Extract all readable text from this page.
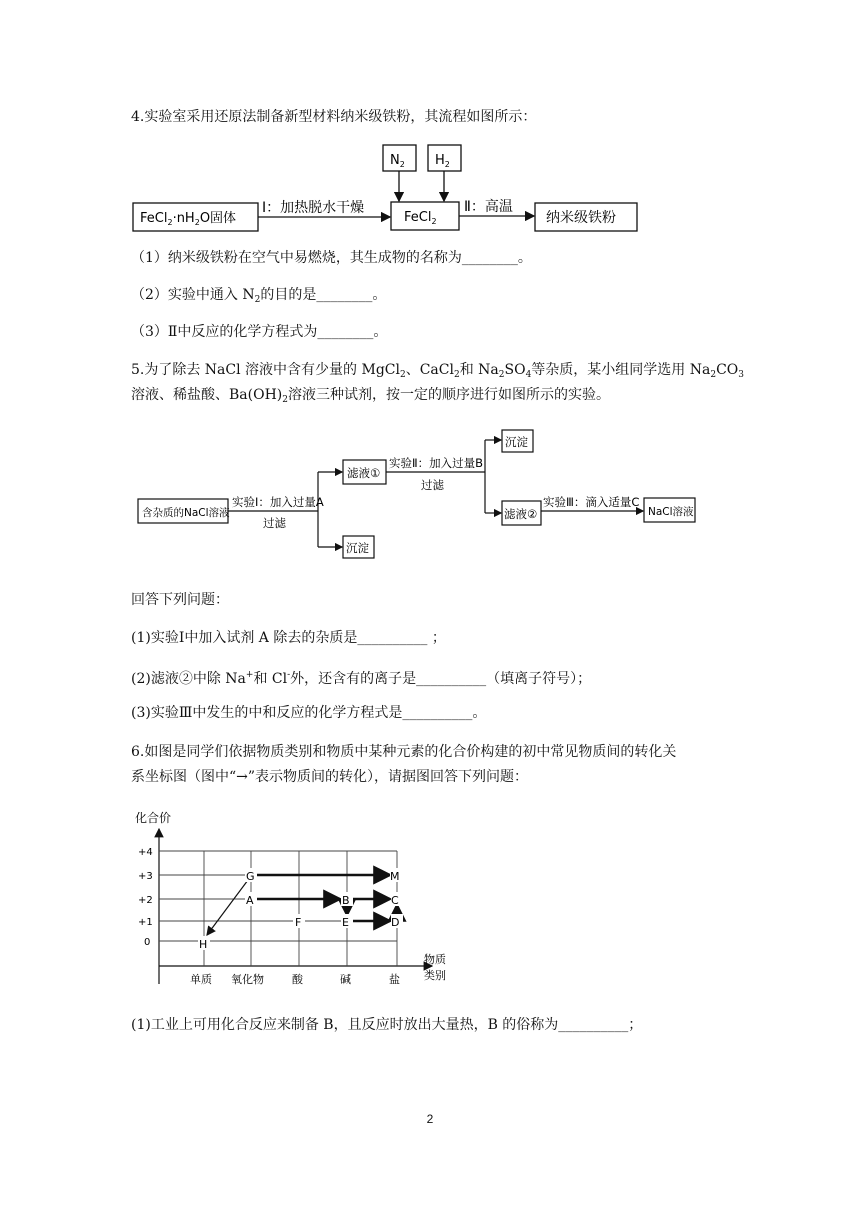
4.实验室采用还原法制备新型材料纳米级铁粉，其流程如图所示：
$FeCl_2\cdot nH_2O$固体
Ⅰ：加热脱水干燥
$N_2$ $H_2$
FeCl$_2$
Ⅱ：高温
纳米级铁粉
（1）纳米级铁粉在空气中易燃烧，其生成物的名称为________。
（2）实验中通入 $N_2$的目的是________。
（3）Ⅱ中反应的化学方程式为________。
5.为了除去 NaCl 溶液中含有少量的 MgCl$_2$、CaCl$_2$和 $Na_2SO_4$等杂质，某小组同学选用 $Na_2CO_3$
溶液、稀盐酸、$Ba(OH)_2$溶液三种试剂，按一定的顺序进行如图所示的实验。
含杂质的NaCl溶液
实验Ⅰ：加入过量A
过滤
滤液①
沉淀
实验Ⅱ：加入过量B
过滤
沉淀
滤液②
实验Ⅲ：滴入适量C
NaCl溶液
回答下列问题：
(1)实验Ⅰ中加入试剂 A 除去的杂质是__________ ；
(2)滤液②中除 Na+和 Cl-外，还含有的离子是__________（填离子符号）；
(3)实验Ⅲ中发生的中和反应的化学方程式是__________。
6.如图是同学们依据物质类别和物质中某种元素的化合价构建的初中常见物质间的转化关
系坐标图（图中“→”表示物质间的转化），请据图回答下列问题：
化合价
+4
+3
+2
+1
0
单质 氧化物	酸	碱	盐
物质
类别
G
A
H
F
B
E
M
C
D
(1)工业上可用化合反应来制备 B，且反应时放出大量热，B 的俗称为__________；
2
